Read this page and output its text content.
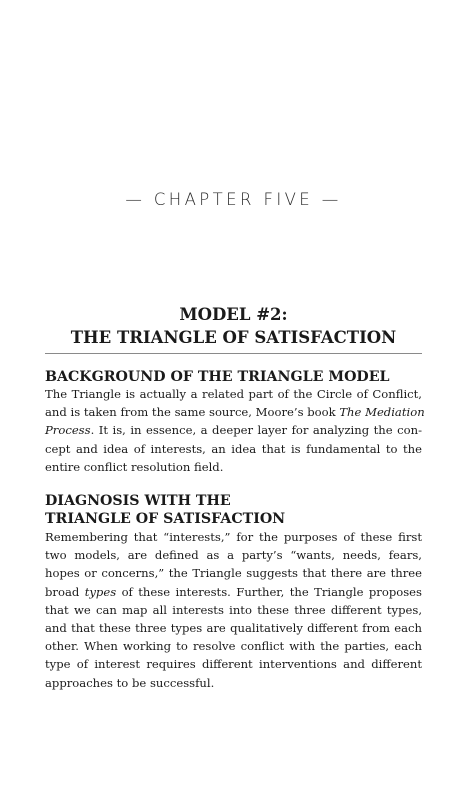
— CHAPTER FIVE —
MODEL #2:
THE TRIANGLE OF SATISFACTION
BACKGROUND OF THE TRIANGLE MODEL
The Triangle is actually a related part of the Circle of Conflict,
and is taken from the same source, Moore’s book The Mediation
Process. It is, in essence, a deeper layer for analyzing the con-
cept and idea of interests, an idea that is fundamental to the
entire conflict resolution field.
DIAGNOSIS WITH THE
TRIANGLE OF SATISFACTION
Remembering that “interests,” for the purposes of these first
two models, are defined as a party’s “wants, needs, fears,
hopes or concerns,” the Triangle suggests that there are three
broad types of these interests. Further, the Triangle proposes
that we can map all interests into these three different types,
and that these three types are qualitatively different from each
other. When working to resolve conflict with the parties, each
type of interest requires different interventions and different
approaches to be successful.
